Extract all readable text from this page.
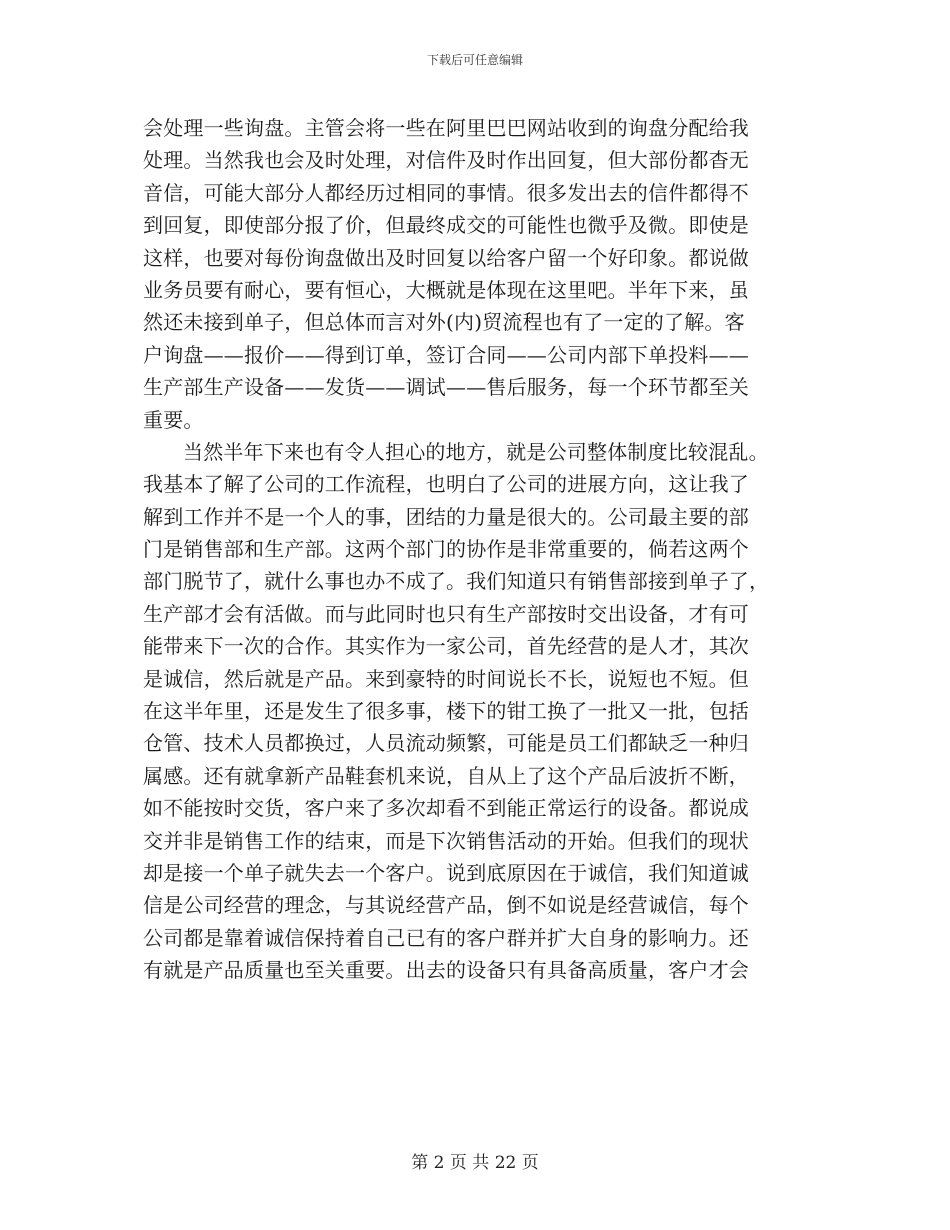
下载后可任意编辑
会处理一些询盘。主管会将一些在阿里巴巴网站收到的询盘分配给我
处理。当然我也会及时处理，对信件及时作出回复，但大部份都杳无
音信，可能大部分人都经历过相同的事情。很多发出去的信件都得不
到回复，即使部分报了价，但最终成交的可能性也微乎及微。即使是
这样，也要对每份询盘做出及时回复以给客户留一个好印象。都说做
业务员要有耐心，要有恒心，大概就是体现在这里吧。半年下来，虽
然还未接到单子，但总体而言对外(内)贸流程也有了一定的了解。客
户询盘——报价——得到订单，签订合同——公司内部下单投料——
生产部生产设备——发货——调试——售后服务，每一个环节都至关
重要。
当然半年下来也有令人担心的地方，就是公司整体制度比较混乱。
我基本了解了公司的工作流程，也明白了公司的进展方向，这让我了
解到工作并不是一个人的事，团结的力量是很大的。公司最主要的部
门是销售部和生产部。这两个部门的协作是非常重要的，倘若这两个
部门脱节了，就什么事也办不成了。我们知道只有销售部接到单子了，
生产部才会有活做。而与此同时也只有生产部按时交出设备，才有可
能带来下一次的合作。其实作为一家公司，首先经营的是人才，其次
是诚信，然后就是产品。来到豪特的时间说长不长，说短也不短。但
在这半年里，还是发生了很多事，楼下的钳工换了一批又一批，包括
仓管、技术人员都换过，人员流动频繁，可能是员工们都缺乏一种归
属感。还有就拿新产品鞋套机来说，自从上了这个产品后波折不断，
如不能按时交货，客户来了多次却看不到能正常运行的设备。都说成
交并非是销售工作的结束，而是下次销售活动的开始。但我们的现状
却是接一个单子就失去一个客户。说到底原因在于诚信，我们知道诚
信是公司经营的理念，与其说经营产品，倒不如说是经营诚信，每个
公司都是靠着诚信保持着自己已有的客户群并扩大自身的影响力。还
有就是产品质量也至关重要。出去的设备只有具备高质量，客户才会
第 2 页 共 22 页
